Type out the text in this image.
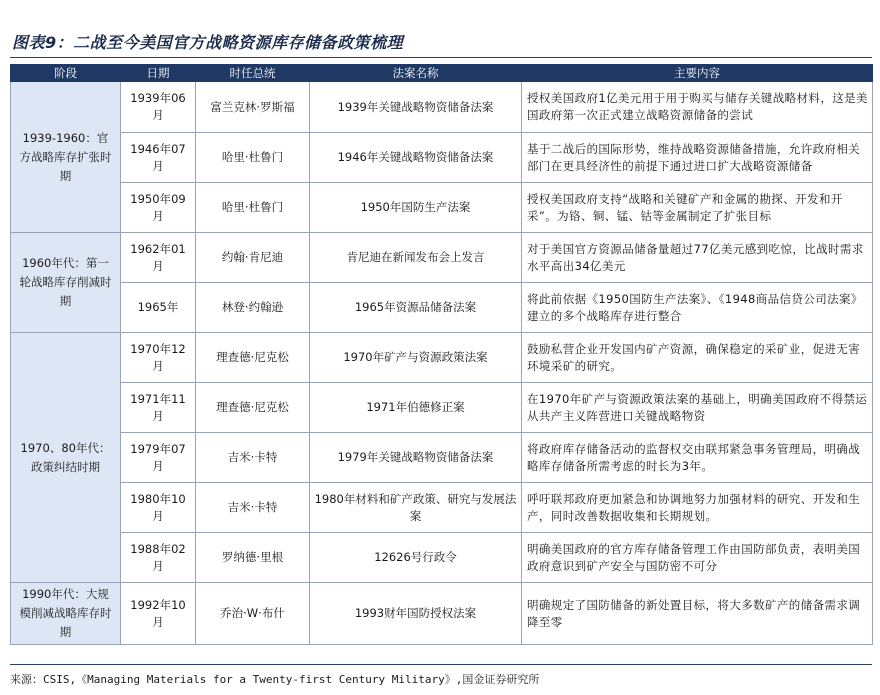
图表9：二战至今美国官方战略资源库存储备政策梳理
阶段	日期	时任总统	法案名称	主要内容
1939-1960：官方战略库存扩张时期	1939年06月	富兰克林·罗斯福	1939年关键战略物资储备法案	授权美国政府1亿美元用于用于购买与储存关键战略材料，这是美国政府第一次正式建立战略资源储备的尝试
	1946年07月	哈里·杜鲁门	1946年关键战略物资储备法案	基于二战后的国际形势，维持战略资源储备措施，允许政府相关部门在更具经济性的前提下通过进口扩大战略资源储备
	1950年09月	哈里·杜鲁门	1950年国防生产法案	授权美国政府支持“战略和关键矿产和金属的勘探、开发和开采”。为铬、铜、锰、钴等金属制定了扩张目标
1960年代：第一轮战略库存削减时期	1962年01月	约翰·肯尼迪	肯尼迪在新闻发布会上发言	对于美国官方资源品储备量超过77亿美元感到吃惊，比战时需求水平高出34亿美元
	1965年	林登·约翰逊	1965年资源品储备法案	将此前依据《1950国防生产法案》、《1948商品信贷公司法案》建立的多个战略库存进行整合
1970、80年代：政策纠结时期	1970年12月	理查德·尼克松	1970年矿产与资源政策法案	鼓励私营企业开发国内矿产资源，确保稳定的采矿业，促进无害环境采矿的研究。
	1971年11月	理查德·尼克松	1971年伯德修正案	在1970年矿产与资源政策法案的基础上，明确美国政府不得禁运从共产主义阵营进口关键战略物资
	1979年07月	吉米·卡特	1979年关键战略物资储备法案	将政府库存储备活动的监督权交由联邦紧急事务管理局，明确战略库存储备所需考虑的时长为3年。
	1980年10月	吉米·卡特	1980年材料和矿产政策、研究与发展法案	呼吁联邦政府更加紧急和协调地努力加强材料的研究、开发和生产，同时改善数据收集和长期规划。
	1988年02月	罗纳德·里根	12626号行政令	明确美国政府的官方库存储备管理工作由国防部负责，表明美国政府意识到矿产安全与国防密不可分
1990年代：大规模削减战略库存时期	1992年10月	乔治·W·布什	1993财年国防授权法案	明确规定了国防储备的新处置目标，将大多数矿产的储备需求调降至零
来源：CSIS,《Managing Materials for a Twenty-first Century Military》,国金证券研究所
